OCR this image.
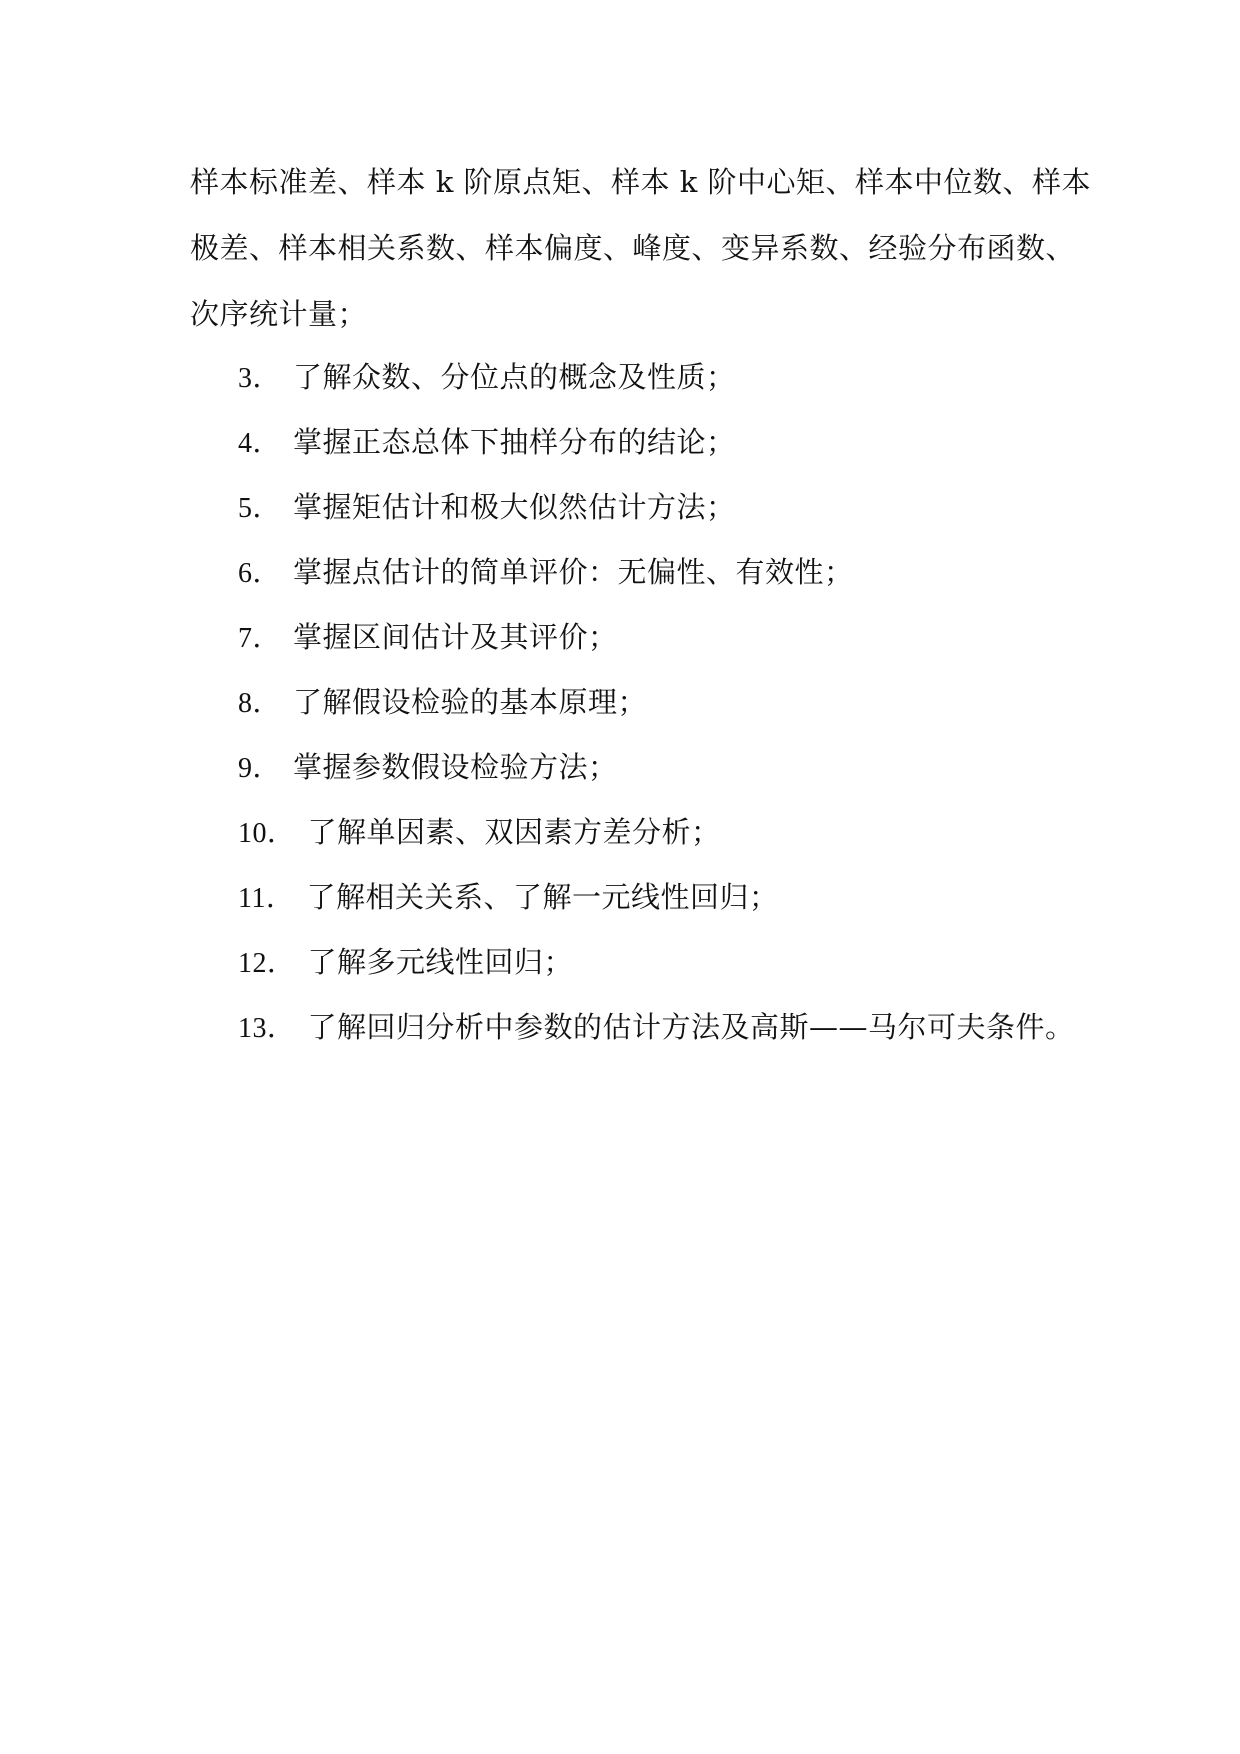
样本标准差、样本 k 阶原点矩、样本 k 阶中心矩、样本中位数、样本
极差、样本相关系数、样本偏度、峰度、变异系数、经验分布函数、
次序统计量；
3． 了解众数、分位点的概念及性质；
4． 掌握正态总体下抽样分布的结论；
5． 掌握矩估计和极大似然估计方法；
6． 掌握点估计的简单评价：无偏性、有效性；
7． 掌握区间估计及其评价；
8． 了解假设检验的基本原理；
9． 掌握参数假设检验方法；
10． 了解单因素、双因素方差分析；
11． 了解相关关系、了解一元线性回归；
12． 了解多元线性回归；
13． 了解回归分析中参数的估计方法及高斯——马尔可夫条件。
